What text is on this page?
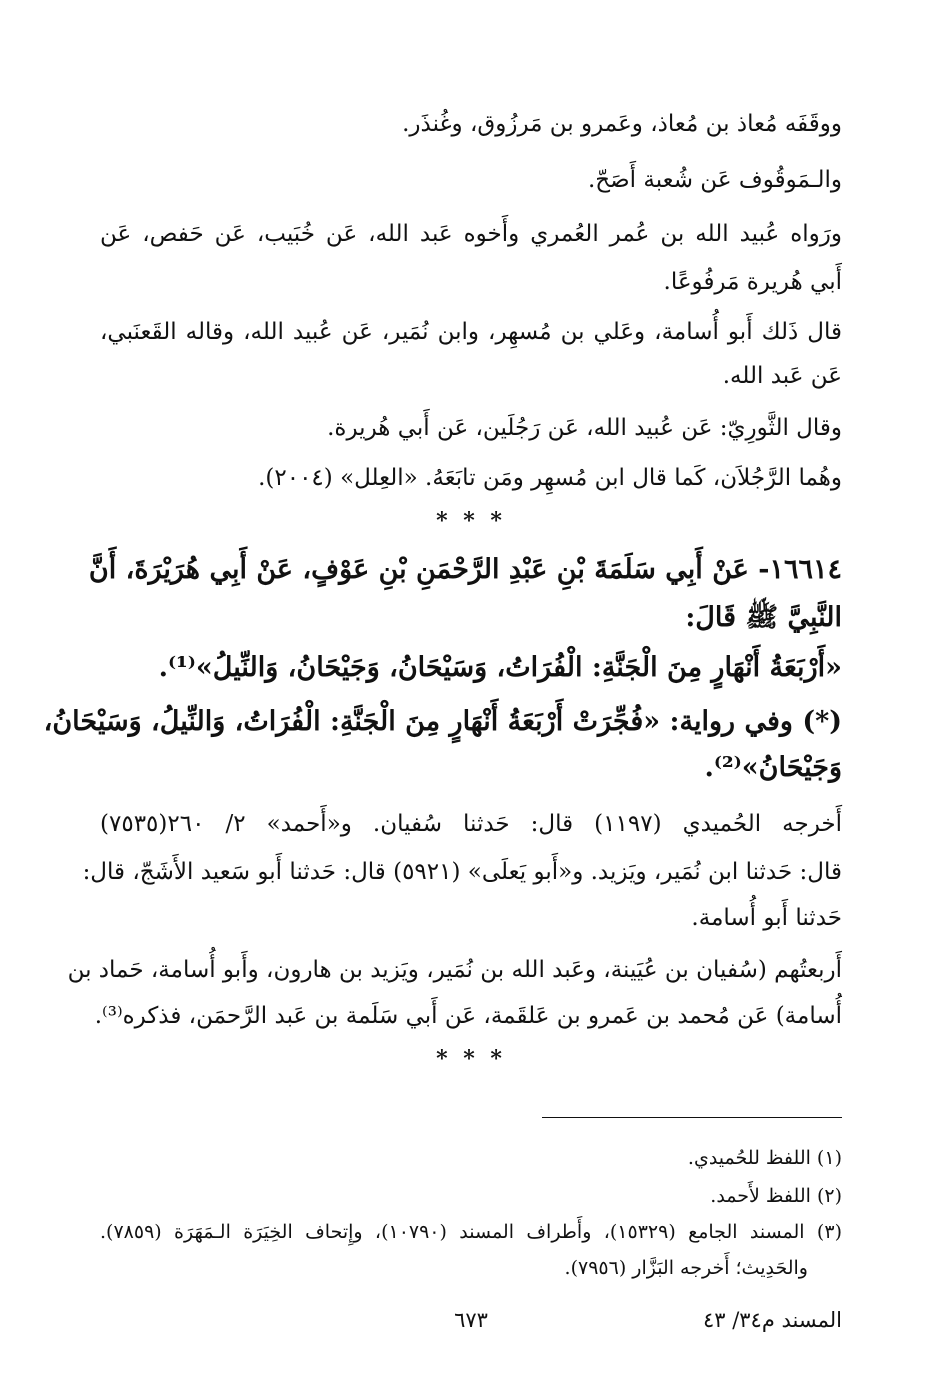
ووقَفَه مُعاذ بن مُعاذ، وعَمرو بن مَرزُوق، وغُنذَر.
والـمَوقُوف عَن شُعبة أَصَحّ.
ورَواه عُبيد الله بن عُمر العُمري وأَخوه عَبد الله، عَن خُبَيب، عَن حَفص، عَن
أَبي هُريرة مَرفُوعًا.
قال ذَلك أَبو أُسامة، وعَلي بن مُسهِر، وابن نُمَير، عَن عُبيد الله، وقاله القَعنَبي،
عَن عَبد الله.
وقال الثَّورِيّ: عَن عُبيد الله، عَن رَجُلَين، عَن أَبي هُريرة.
وهُما الرَّجُلاَن، كَما قال ابن مُسهِر ومَن تابَعَهُ. «العِلل» (٢٠٠٤).
* * *
١٦٦١٤- عَنْ أَبِي سَلَمَةَ بْنِ عَبْدِ الرَّحْمَنِ بْنِ عَوْفٍ، عَنْ أَبِي هُرَيْرَةَ، أَنَّ
النَّبِيَّ ﷺ قَالَ:
«أَرْبَعَةُ أَنْهَارٍ مِنَ الْجَنَّةِ: الْفُرَاتُ، وَسَيْحَانُ، وَجَيْحَانُ، وَالنِّيلُ»⁽¹⁾.
(*) وفي رواية: «فُجِّرَتْ أَرْبَعَةُ أَنْهَارٍ مِنَ الْجَنَّةِ: الْفُرَاتُ، وَالنِّيلُ، وَسَيْحَانُ،
وَجَيْحَانُ»⁽²⁾.
أَخرجه الحُميدي (١١٩٧) قال: حَدثنا سُفيان. و«أَحمد» ٢/ ٢٦٠(٧٥٣٥)
قال: حَدثنا ابن نُمَير، ويَزيد. و«أَبو يَعلَى» (٥٩٢١) قال: حَدثنا أَبو سَعيد الأَشَجّ، قال:
حَدثنا أَبو أُسامة.
أَربعتُهم (سُفيان بن عُيَينة، وعَبد الله بن نُمَير، ويَزيد بن هارون، وأَبو أُسامة، حَماد بن
أُسامة) عَن مُحمد بن عَمرو بن عَلقَمة، عَن أَبي سَلَمة بن عَبد الرَّحمَن، فذكره⁽³⁾.
* * *
(١) اللفظ للحُميدي.
(٢) اللفظ لأَحمد.
(٣) المسند الجامع (١٥٣٢٩)، وأَطراف المسند (١٠٧٩٠)، وإِتحاف الخِيَرَة الـمَهَرَة (٧٨٥٩).
والحَدِيث؛ أَخرجه البَزَّار (٧٩٥٦).
المسند م٣٤/ ٤٣
٦٧٣
